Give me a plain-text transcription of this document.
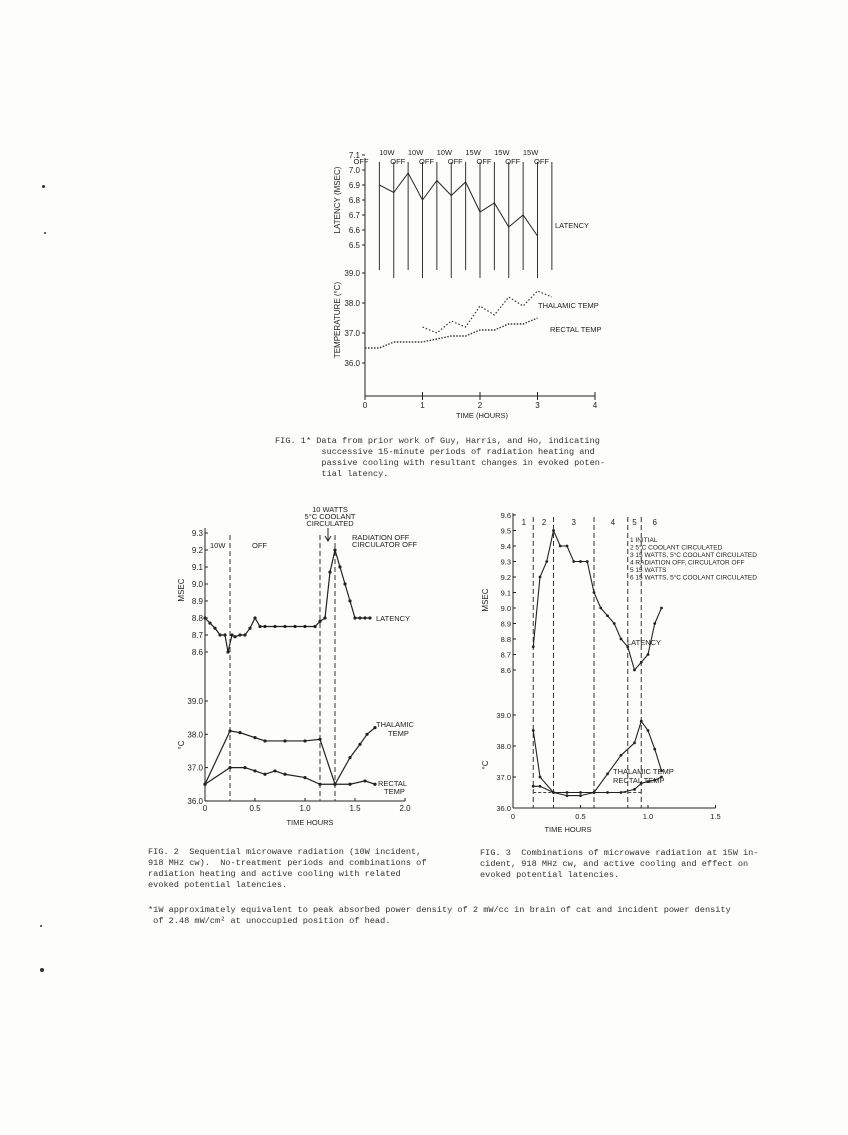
7.1
7.0
6.9
6.8
6.7
6.6
6.5
39.0
38.0
37.0
36.0
0	1	2	3	4
TIME (HOURS)
LATENCY (MSEC)
TEMPERATURE (°C)
OFF
10W
OFF
10W
OFF
10W
OFF
15W
OFF
15W
OFF
15W
OFF
LATENCY
THALAMIC TEMP
RECTAL TEMP
FIG. 1* Data from prior work of Guy, Harris, and Ho, indicating
successive 15-minute periods of radiation heating and
passive cooling with resultant changes in evoked poten-
tial latency.
9.3
9.2
9.1
9.0
8.9
8.8
8.7
8.6
39.0
38.0
37.0
36.0
0	0.5	1.0	1.5	2.0
TIME HOURS
MSEC
°C
10W	OFF
10 WATTS
5°C COOLANT
CIRCULATED
RADIATION OFF
CIRCULATOR OFF
LATENCY
THALAMIC
TEMP
RECTAL
TEMP
9.6
9.5
9.4
9.3
9.2
9.1
9.0
8.9
8.8
8.7
8.6
39.0
38.0
37.0
36.0
0	0.5	1.0	1.5
TIME HOURS
MSEC
°C
1 2	3	4 5 6
1 INITIAL
2 5°C COOLANT CIRCULATED
3 15 WATTS, 5°C COOLANT CIRCULATED
4 RADIATION OFF, CIRCULATOR OFF
5 15 WATTS
6 15 WATTS, 5°C COOLANT CIRCULATED
LATENCY
THALAMIC TEMP
RECTAL TEMP
FIG. 2  Sequential microwave radiation (10W incident,
918 MHz cw).  No-treatment periods and combinations of
radiation heating and active cooling with related
evoked potential latencies.
FIG. 3  Combinations of microwave radiation at 15W in-
cident, 918 MHz cw, and active cooling and effect on
evoked potential latencies.
*1W approximately equivalent to peak absorbed power density of 2 mW/cc in brain of cat and incident power density
of 2.48 mW/cm² at unoccupied position of head.
